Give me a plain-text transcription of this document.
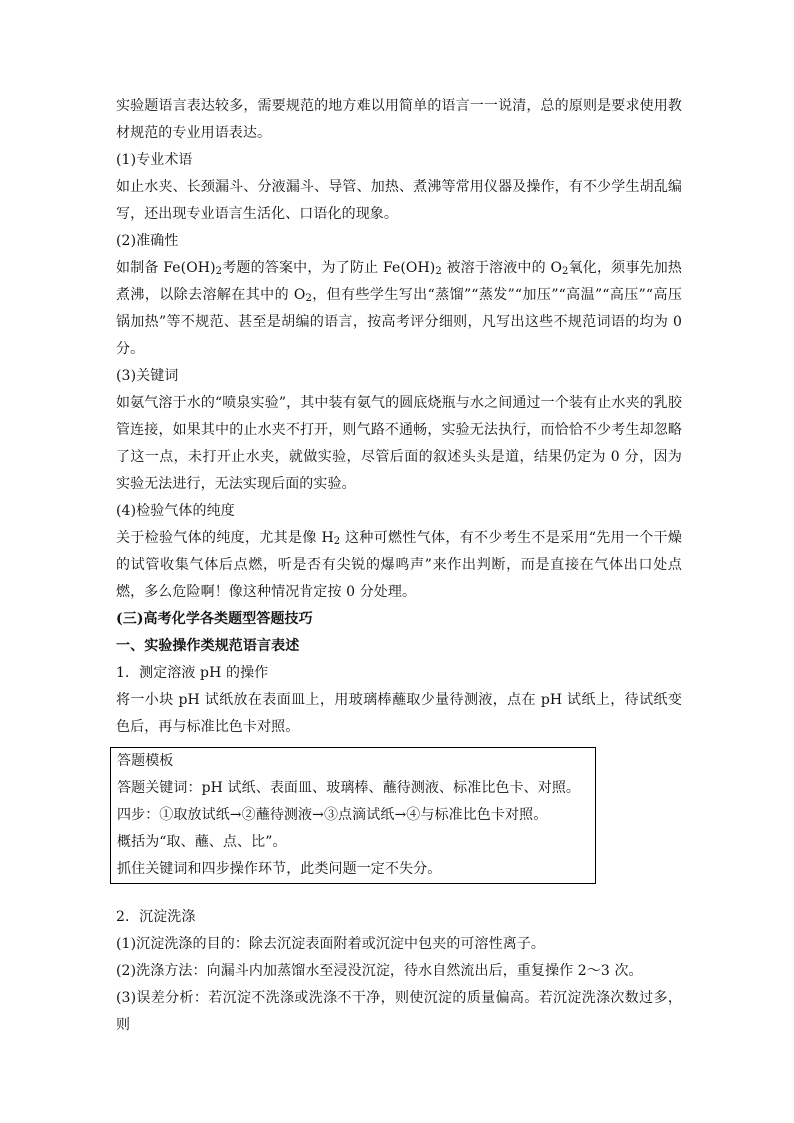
实验题语言表达较多，需要规范的地方难以用简单的语言一一说清，总的原则是要求使用教材规范的专业用语表达。

(1)专业术语

如止水夹、长颈漏斗、分液漏斗、导管、加热、煮沸等常用仪器及操作，有不少学生胡乱编写，还出现专业语言生活化、口语化的现象。

(2)准确性

如制备 $Fe(OH)_2$考题的答案中，为了防止 $Fe(OH)_2$ 被溶于溶液中的 $O_2$氧化，须事先加热煮沸，以除去溶解在其中的 $O_2$，但有些学生写出“蒸馏”“蒸发”“加压”“高温”“高压”“高压锅加热”等不规范、甚至是胡编的语言，按高考评分细则，凡写出这些不规范词语的均为 0 分。

(3)关键词

如氨气溶于水的“喷泉实验”，其中装有氨气的圆底烧瓶与水之间通过一个装有止水夹的乳胶管连接，如果其中的止水夹不打开，则气路不通畅，实验无法执行，而恰恰不少考生却忽略了这一点，未打开止水夹，就做实验，尽管后面的叙述头头是道，结果仍定为 0 分，因为实验无法进行，无法实现后面的实验。

(4)检验气体的纯度

关于检验气体的纯度，尤其是像 $H_2$ 这种可燃性气体，有不少考生不是采用“先用一个干燥的试管收集气体后点燃，听是否有尖锐的爆鸣声”来作出判断，而是直接在气体出口处点燃，多么危险啊！像这种情况肯定按 0 分处理。

(三)高考化学各类题型答题技巧

一、实验操作类规范语言表述

1．测定溶液 pH 的操作

将一小块 pH 试纸放在表面皿上，用玻璃棒蘸取少量待测液，点在 pH 试纸上，待试纸变色后，再与标准比色卡对照。

答题模板

答题关键词：pH 试纸、表面皿、玻璃棒、蘸待测液、标准比色卡、对照。

四步：①取放试纸→②蘸待测液→③点滴试纸→④与标准比色卡对照。

概括为“取、蘸、点、比”。

抓住关键词和四步操作环节，此类问题一定不失分。

2．沉淀洗涤

(1)沉淀洗涤的目的：除去沉淀表面附着或沉淀中包夹的可溶性离子。

(2)洗涤方法：向漏斗内加蒸馏水至浸没沉淀，待水自然流出后，重复操作 2～3 次。

(3)误差分析：若沉淀不洗涤或洗涤不干净，则使沉淀的质量偏高。若沉淀洗涤次数过多，则
